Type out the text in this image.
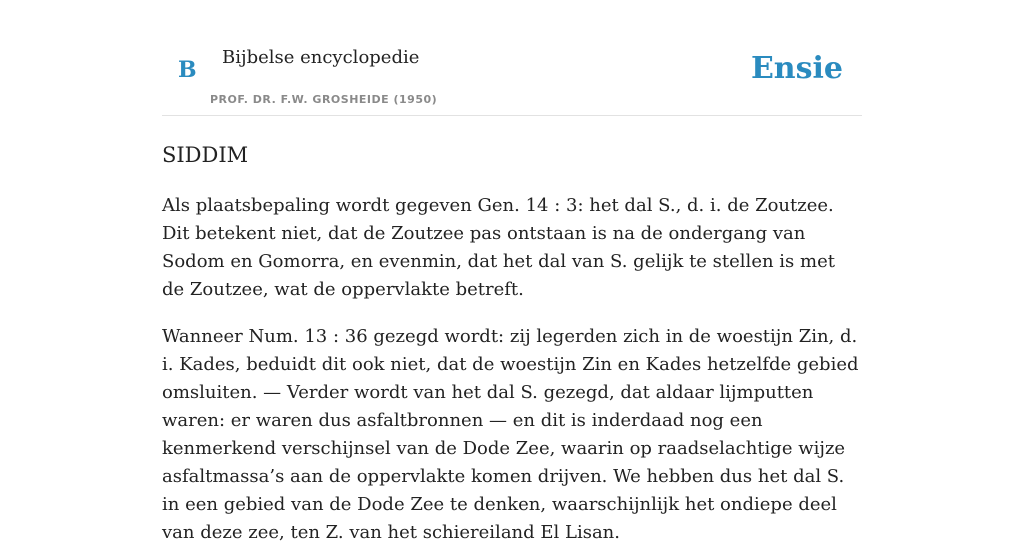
B Bijbelse encyclopedie
PROF. DR. F.W. GROSHEIDE (1950)
Ensie
SIDDIM

Als plaatsbepaling wordt gegeven Gen. 14 : 3: het dal S., d. i. de Zoutzee. Dit betekent niet, dat de Zoutzee pas ontstaan is na de ondergang van Sodom en Gomorra, en evenmin, dat het dal van S. gelijk te stellen is met de Zoutzee, wat de oppervlakte betreft.

Wanneer Num. 13 : 36 gezegd wordt: zij legerden zich in de woestijn Zin, d. i. Kades, beduidt dit ook niet, dat de woestijn Zin en Kades hetzelfde gebied omsluiten. — Verder wordt van het dal S. gezegd, dat aldaar lijmputten waren: er waren dus asfaltbronnen — en dit is inderdaad nog een kenmerkend verschijnsel van de Dode Zee, waarin op raadselachtige wijze asfaltmassa’s aan de oppervlakte komen drijven. We hebben dus het dal S. in een gebied van de Dode Zee te denken, waarschijnlijk het ondiepe deel van deze zee, ten Z. van het schiereiland El Lisan.
